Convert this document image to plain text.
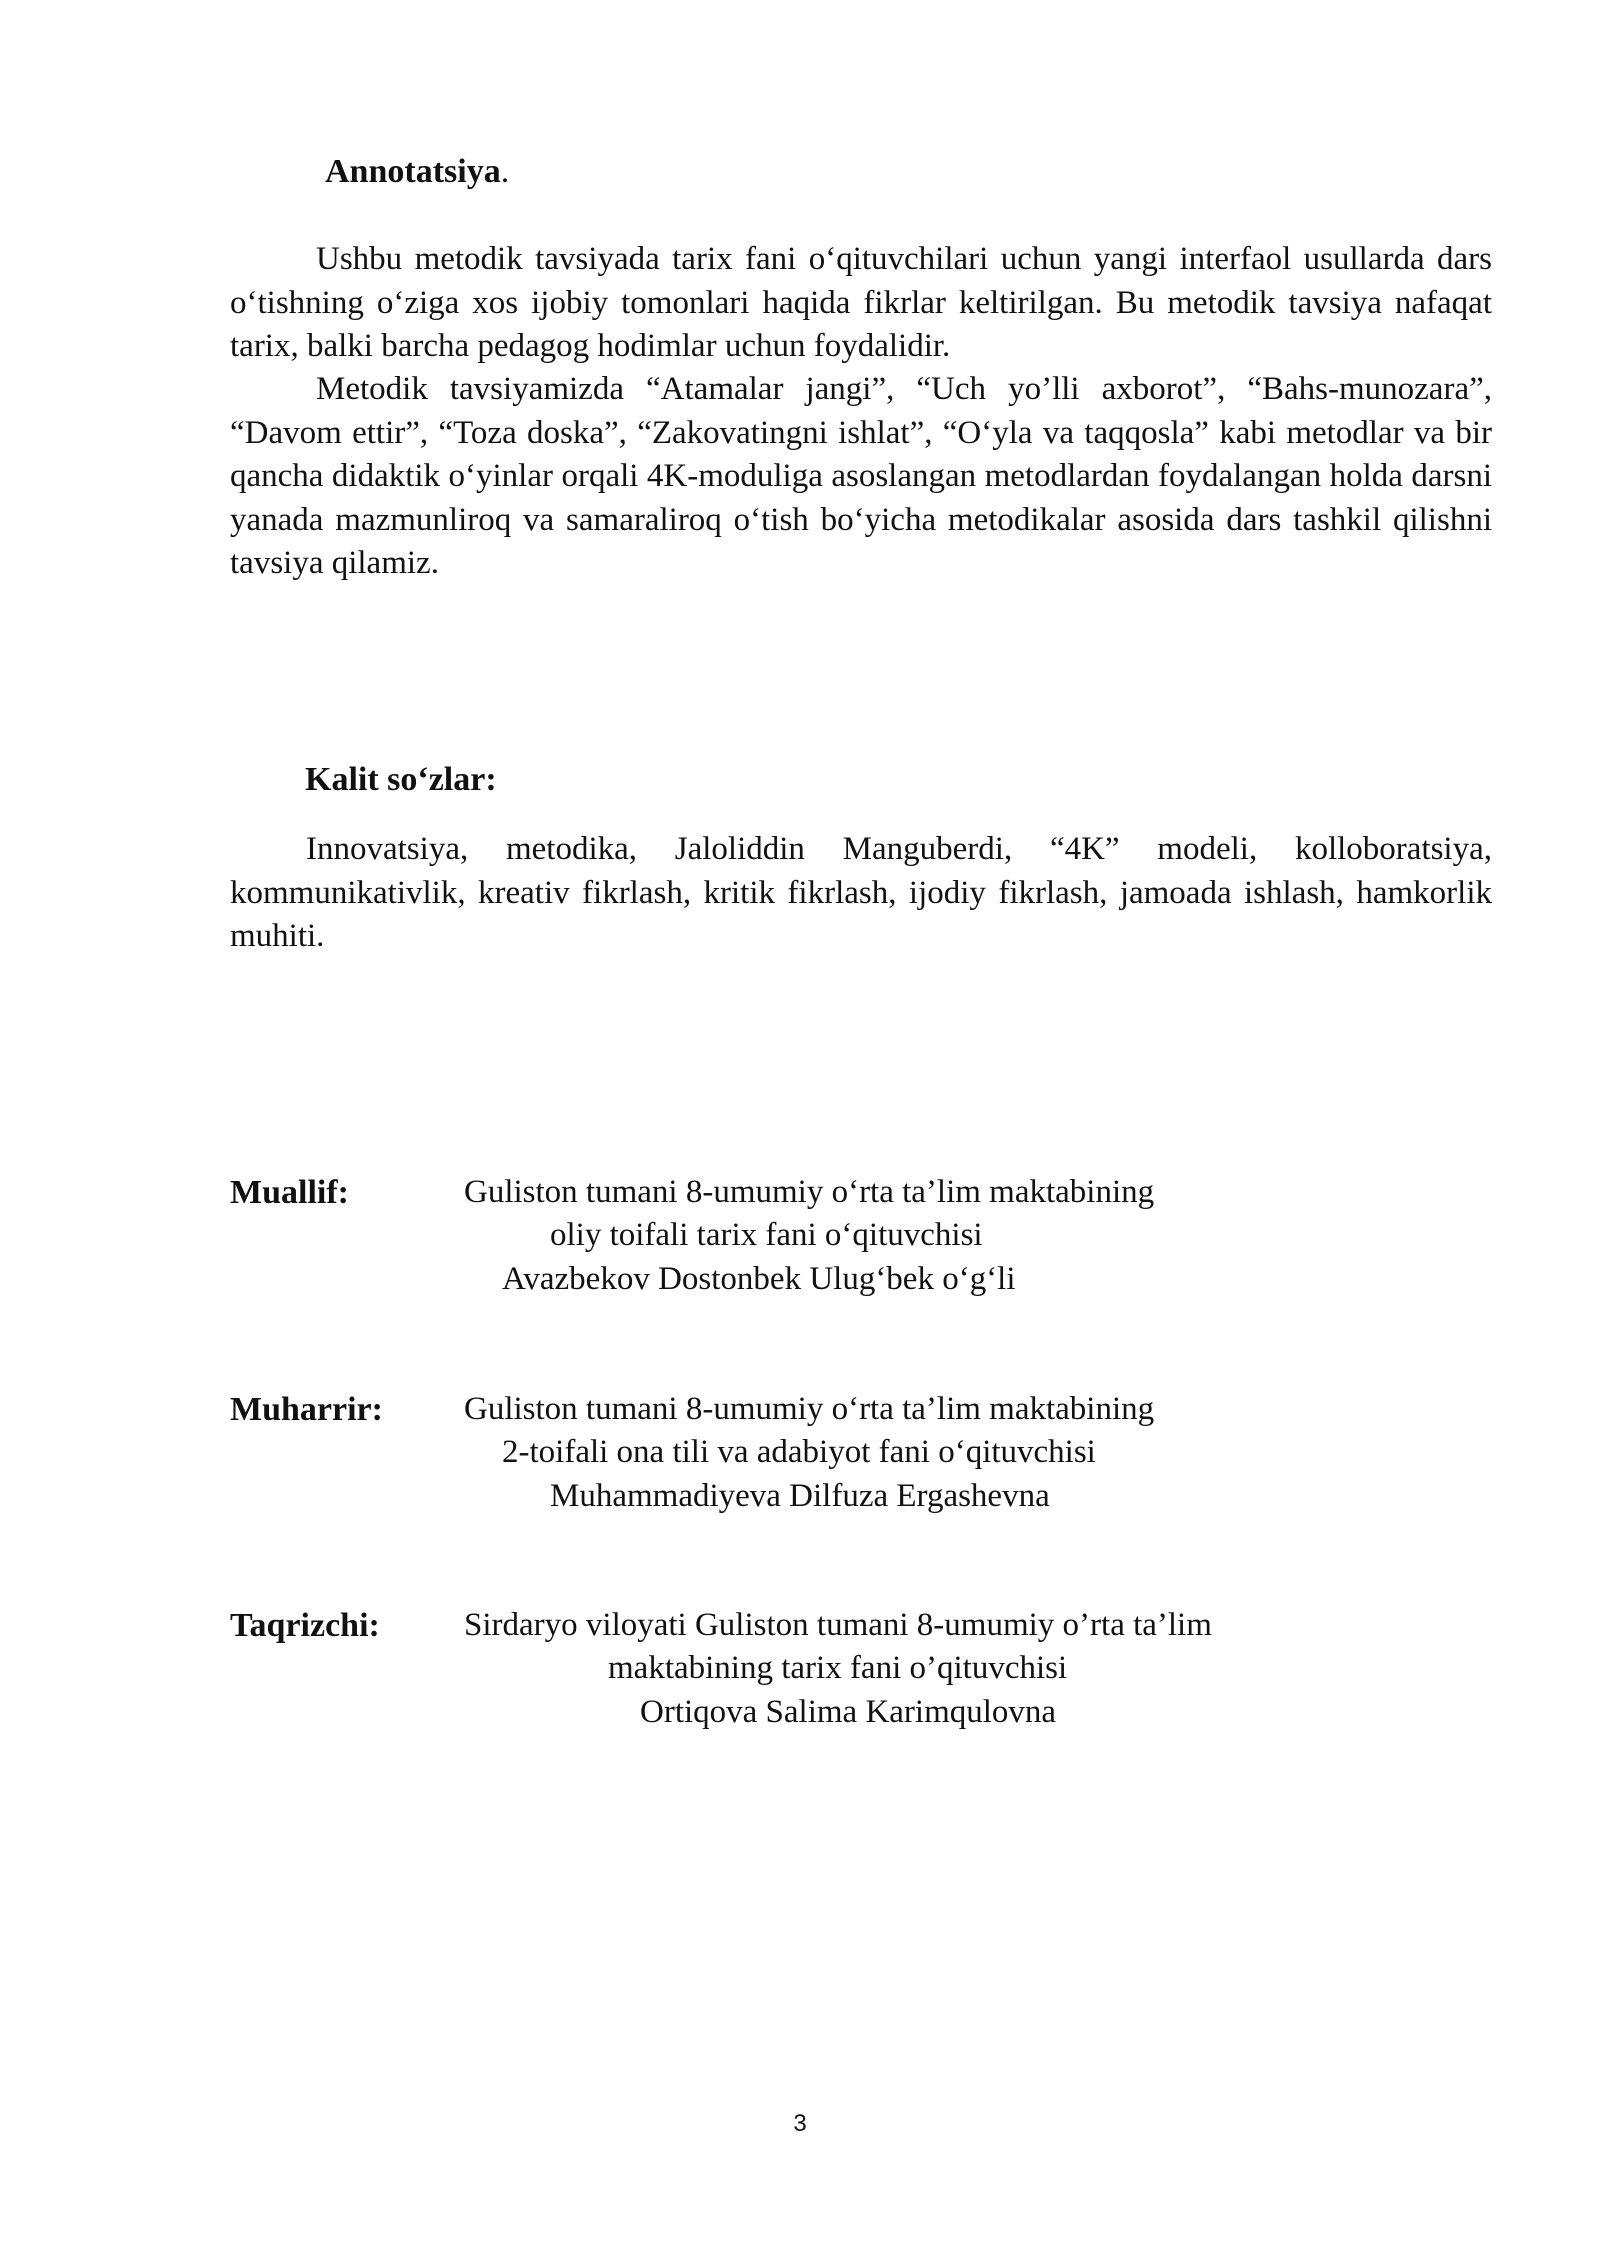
Annotatsiya.

Ushbu metodik tavsiyada tarix fani o‘qituvchilari uchun yangi interfaol usullarda dars o‘tishning o‘ziga xos ijobiy tomonlari haqida fikrlar keltirilgan. Bu metodik tavsiya nafaqat tarix, balki barcha pedagog hodimlar uchun foydalidir.

Metodik tavsiyamizda “Atamalar jangi”, “Uch yo’lli axborot”, “Bahs-munozara”, “Davom ettir”, “Toza doska”, “Zakovatingni ishlat”, “O‘yla va taqqosla” kabi metodlar va bir qancha didaktik o‘yinlar orqali 4K-moduliga asoslangan metodlardan foydalangan holda darsni yanada mazmunliroq va samaraliroq o‘tish bo‘yicha metodikalar asosida dars tashkil qilishni tavsiya qilamiz.

Kalit so‘zlar:

Innovatsiya, metodika, Jaloliddin Manguberdi, “4K” modeli, kolloboratsiya, kommunikativlik, kreativ fikrlash, kritik fikrlash, ijodiy fikrlash, jamoada ishlash, hamkorlik muhiti.

Muallif:	Guliston tumani 8-umumiy o‘rta ta’lim maktabining
oliy toifali tarix fani o‘qituvchisi
Avazbekov Dostonbek Ulug‘bek o‘g‘li
Muharrir: Guliston tumani 8-umumiy o‘rta ta’lim maktabining
2-toifali ona tili va adabiyot fani o‘qituvchisi
Muhammadiyeva Dilfuza Ergashevna
Taqrizchi:	Sirdaryo viloyati Guliston tumani 8-umumiy o’rta ta’lim
maktabining tarix fani o’qituvchisi
Ortiqova Salima Karimqulovna
3
